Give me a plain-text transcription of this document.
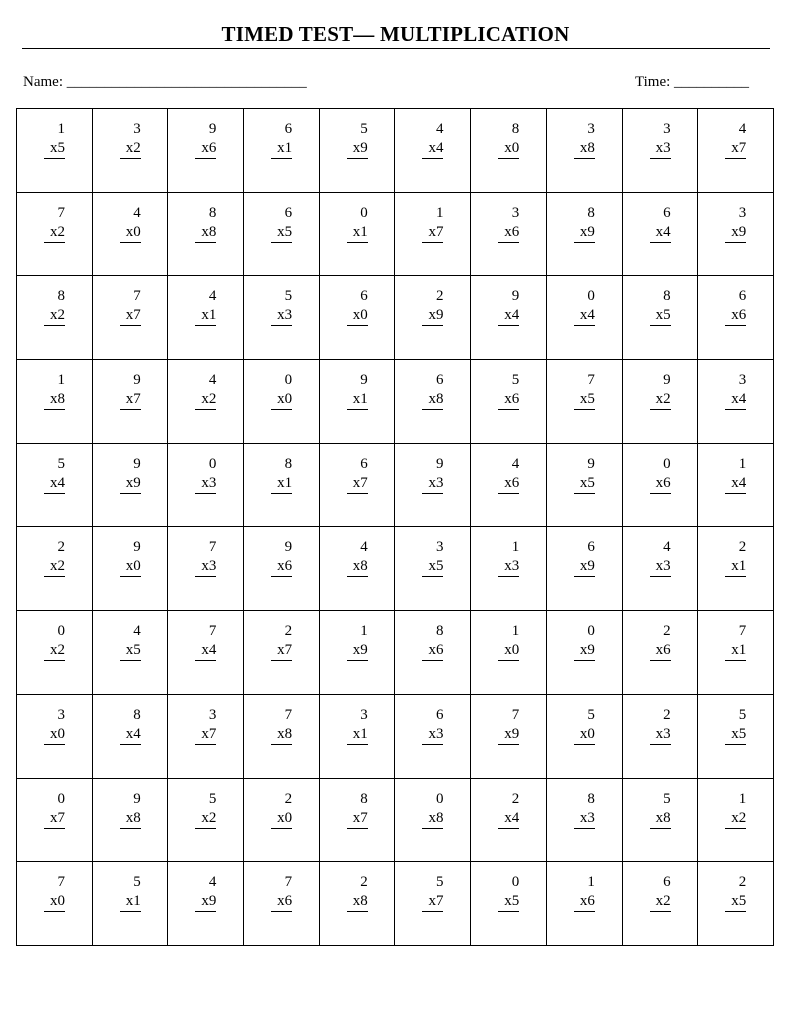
TIMED TEST— MULTIPLICATION
Name: ________________________________	Time: __________
1
x5
3
x2
9
x6
6
x1
5
x9
4
x4
8
x0
3
x8
3
x3
4
x7
7
x2
4
x0
8
x8
6
x5
0
x1
1
x7
3
x6
8
x9
6
x4
3
x9
8
x2
7
x7
4
x1
5
x3
6
x0
2
x9
9
x4
0
x4
8
x5
6
x6
1
x8
9
x7
4
x2
0
x0
9
x1
6
x8
5
x6
7
x5
9
x2
3
x4
5
x4
9
x9
0
x3
8
x1
6
x7
9
x3
4
x6
9
x5
0
x6
1
x4
2
x2
9
x0
7
x3
9
x6
4
x8
3
x5
1
x3
6
x9
4
x3
2
x1
0
x2
4
x5
7
x4
2
x7
1
x9
8
x6
1
x0
0
x9
2
x6
7
x1
3
x0
8
x4
3
x7
7
x8
3
x1
6
x3
7
x9
5
x0
2
x3
5
x5
0
x7
9
x8
5
x2
2
x0
8
x7
0
x8
2
x4
8
x3
5
x8
1
x2
7
x0
5
x1
4
x9
7
x6
2
x8
5
x7
0
x5
1
x6
6
x2
2
x5
